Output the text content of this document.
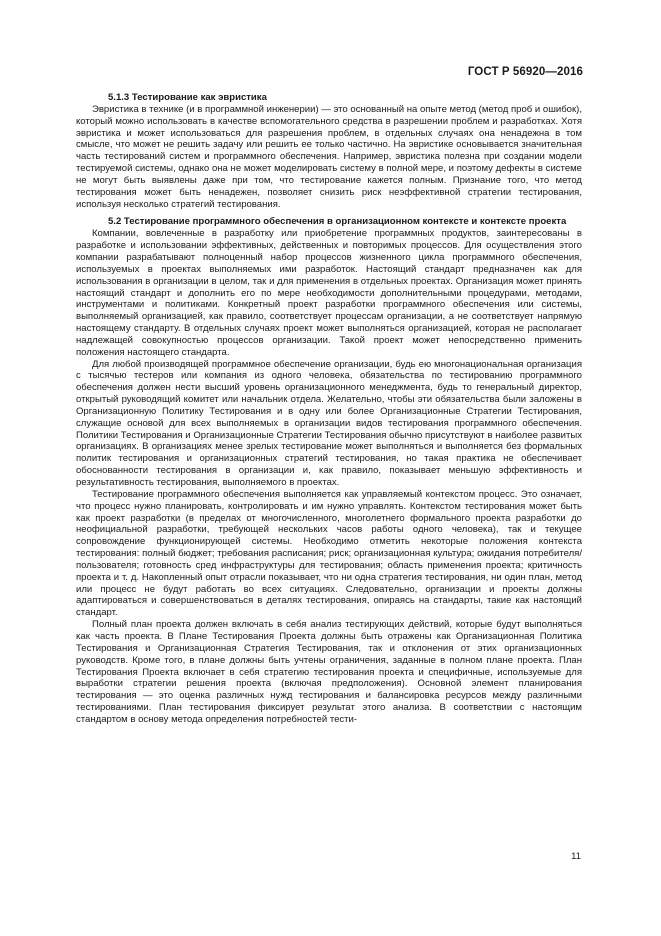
ГОСТ Р 56920—2016

5.1.3 Тестирование как эвристика

Эвристика в технике (и в программной инженерии) — это основанный на опыте метод (метод проб и ошибок), который можно использовать в качестве вспомогательного средства в разрешении проблем и разработках. Хотя эвристика и может использоваться для разрешения проблем, в отдельных случаях она ненадежна в том смысле, что может не решить задачу или решить ее только частично. На эвристике основывается значительная часть тестирований систем и программного обеспечения. Например, эвристика полезна при создании модели тестируемой системы, однако она не может моделировать систему в полной мере, и поэтому дефекты в системе не могут быть выявлены даже при том, что тестирование кажется полным. Признание того, что метод тестирования может быть ненадежен, позволяет снизить риск неэффективной стратегии тестирования, используя несколько стратегий тестирования.

5.2 Тестирование программного обеспечения в организационном контексте и контексте проекта

Компании, вовлеченные в разработку или приобретение программных продуктов, заинтересованы в разработке и использовании эффективных, действенных и повторимых процессов. Для осуществления этого компании разрабатывают полноценный набор процессов жизненного цикла программного обеспечения, используемых в проектах выполняемых ими разработок. Настоящий стандарт предназначен как для использования в организации в целом, так и для применения в отдельных проектах. Организация может принять настоящий стандарт и дополнить его по мере необходимости дополнительными процедурами, методами, инструментами и политиками. Конкретный проект разработки программного обеспечения или системы, выполняемый организацией, как правило, соответствует процессам организации, а не соответствует напрямую настоящему стандарту. В отдельных случаях проект может выполняться организацией, которая не располагает надлежащей совокупностью процессов организации. Такой проект может непосредственно применить положения настоящего стандарта.

Для любой производящей программное обеспечение организации, будь ею многонациональная организация с тысячью тестеров или компания из одного человека, обязательства по тестированию программного обеспечения должен нести высший уровень организационного менеджмента, будь то генеральный директор, открытый руководящий комитет или начальник отдела. Желательно, чтобы эти обязательства были заложены в Организационную Политику Тестирования и в одну или более Организационные Стратегии Тестирования, служащие основой для всех выполняемых в организации видов тестирования программного обеспечения. Политики Тестирования и Организационные Стратегии Тестирования обычно присутствуют в наиболее развитых организациях. В организациях менее зрелых тестирование может выполняться и выполняется без формальных политик тестирования и организационных стратегий тестирования, но такая практика не обеспечивает обоснованности тестирования в организации и, как правило, показывает меньшую эффективность и результативность тестирования, выполняемого в проектах.

Тестирование программного обеспечения выполняется как управляемый контекстом процесс. Это означает, что процесс нужно планировать, контролировать и им нужно управлять. Контекстом тестирования может быть как проект разработки (в пределах от многочисленного, многолетнего формального проекта разработки до неофициальной разработки, требующей нескольких часов работы одного человека), так и текущее сопровождение функционирующей системы. Необходимо отметить некоторые положения контекста тестирования: полный бюджет; требования расписания; риск; организационная культура; ожидания потребителя/пользователя; готовность сред инфраструктуры для тестирования; область применения проекта; критичность проекта и т. д. Накопленный опыт отрасли показывает, что ни одна стратегия тестирования, ни один план, метод или процесс не будут работать во всех ситуациях. Следовательно, организации и проекты должны адаптироваться и совершенствоваться в деталях тестирования, опираясь на стандарты, такие как настоящий стандарт.

Полный план проекта должен включать в себя анализ тестирующих действий, которые будут выполняться как часть проекта. В Плане Тестирования Проекта должны быть отражены как Организационная Политика Тестирования и Организационная Стратегия Тестирования, так и отклонения от этих организационных руководств. Кроме того, в плане должны быть учтены ограничения, заданные в полном плане проекта. План Тестирования Проекта включает в себя стратегию тестирования проекта и специфичные, используемые для выработки стратегии решения проекта (включая предположения). Основной элемент планирования тестирования — это оценка различных нужд тестирования и балансировка ресурсов между различными тестированиями. План тестирования фиксирует результат этого анализа. В соответствии с настоящим стандартом в основу метода определения потребностей тести-

11
